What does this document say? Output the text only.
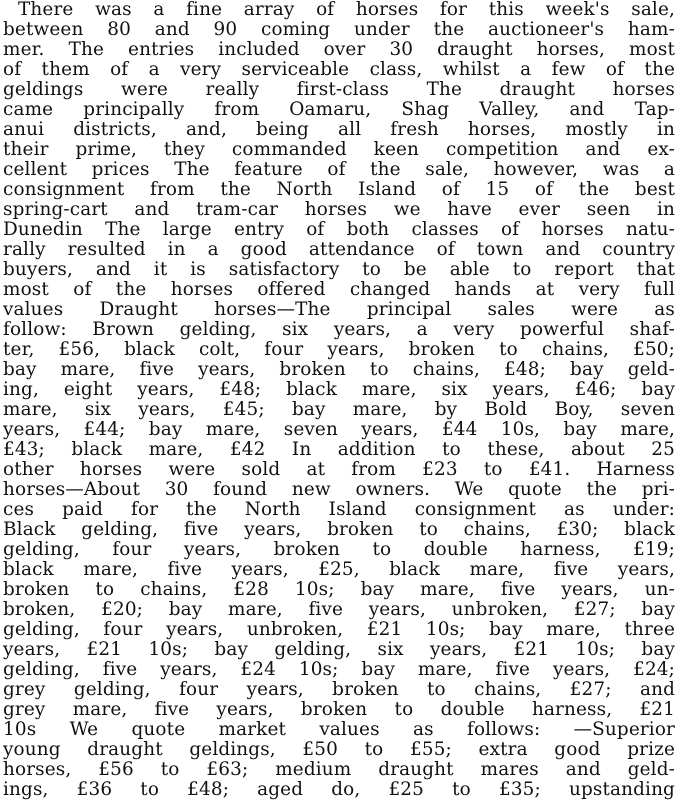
There was a fine array of horses for this week's sale,
between 80 and 90 coming under the auctioneer's ham-
mer. The entries included over 30 draught horses, most
of them of a very serviceable class, whilst a few of the
geldings were really first-class The draught horses
came principally from Oamaru, Shag Valley, and Tap-
anui districts, and, being all fresh horses, mostly in
their prime, they commanded keen competition and ex-
cellent prices The feature of the sale, however, was a
consignment from the North Island of 15 of the best
spring-cart and tram-car horses we have ever seen in
Dunedin The large entry of both classes of horses natu-
rally resulted in a good attendance of town and country
buyers, and it is satisfactory to be able to report that
most of the horses offered changed hands at very full
values Draught horses—The principal sales were as
follow: Brown gelding, six years, a very powerful shaf-
ter, £56, black colt, four years, broken to chains, £50;
bay mare, five years, broken to chains, £48; bay geld-
ing, eight years, £48; black mare, six years, £46; bay
mare, six years, £45; bay mare, by Bold Boy, seven
years, £44; bay mare, seven years, £44 10s, bay mare,
£43; black mare, £42 In addition to these, about 25
other horses were sold at from £23 to £41. Harness
horses—About 30 found new owners. We quote the pri-
ces paid for the North Island consignment as under:
Black gelding, five years, broken to chains, £30; black
gelding, four years, broken to double harness, £19;
black mare, five years, £25, black mare, five years,
broken to chains, £28 10s; bay mare, five years, un-
broken, £20; bay mare, five years, unbroken, £27; bay
gelding, four years, unbroken, £21 10s; bay mare, three
years, £21 10s; bay gelding, six years, £21 10s; bay
gelding, five years, £24 10s; bay mare, five years, £24;
grey gelding, four years, broken to chains, £27; and
grey mare, five years, broken to double harness, £21
10s We quote market values as follows: —Superior
young draught geldings, £50 to £55; extra good prize
horses, £56 to £63; medium draught mares and geld-
ings, £36 to £48; aged do, £25 to £35; upstanding
